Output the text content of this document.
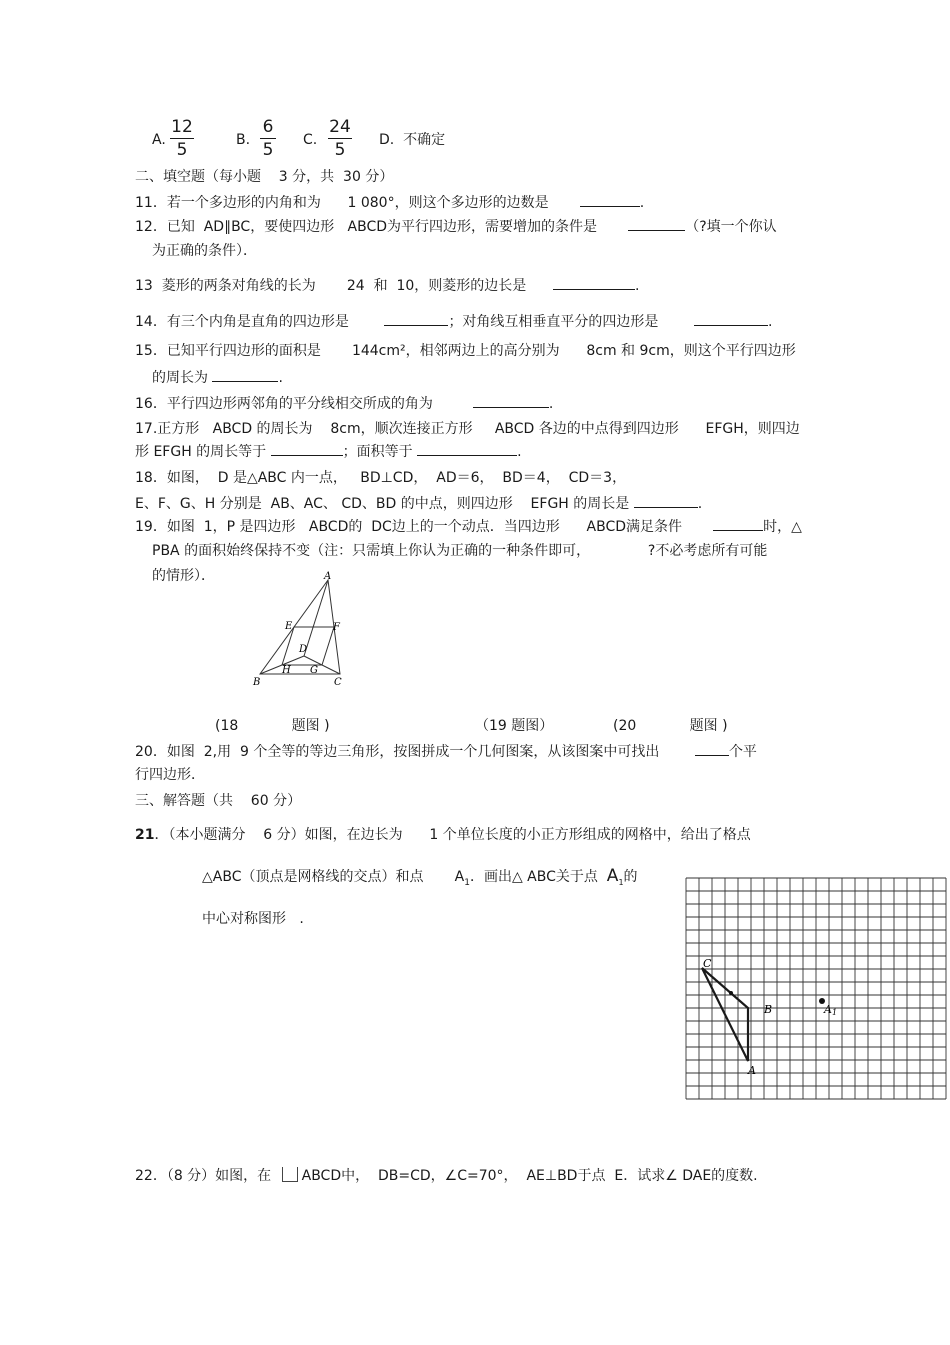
A.
12
5	B.
6
5 C.
24
5	D. 不确定
二、填空题（每小题    3 分，共  30 分）
11．若一个多边形的内角和为      1 080°，则这个多边形的边数是	.
12．已知  AD∥BC，要使四边形   ABCD为平行四边形，需要增加的条件是	（?填一个你认
为正确的条件）．
13  菱形的两条对角线的长为       24  和  10，则菱形的边长是	.
14．有三个内角是直角的四边形是	；对角线互相垂直平分的四边形是	.
15．已知平行四边形的面积是       144cm²，相邻两边上的高分别为      8cm 和 9cm，则这个平行四边形
的周长为	.
16．平行四边形两邻角的平分线相交所成的角为	.
17.正方形   ABCD 的周长为    8cm，顺次连接正方形     ABCD 各边的中点得到四边形      EFGH，则四边
形 EFGH 的周长等于	；面积等于	.
18．如图，  D 是△ABC 内一点，   BD⊥CD，  AD＝6，  BD＝4，  CD＝3，
E、F、G、H 分别是  AB、AC、 CD、BD 的中点，则四边形    EFGH 的周长是	.
19．如图  1，P 是四边形   ABCD的  DC边上的一个动点．当四边形      ABCD满足条件	时，△
PBA 的面积始终保持不变（注：只需填上你认为正确的一种条件即可，             ?不必考虑所有可能
的情形）．	A
B	C
D
E	F
G
H
(18            题图 )	（19 题图）	(20            题图 )
20．如图  2,用  9 个全等的等边三角形，按图拼成一个几何图案，从该图案中可找出	个平
行四边形．
三、解答题（共    60 分）
21．（本小题满分    6 分）如图，在边长为      1 个单位长度的小正方形组成的网格中，给出了格点
△ABC（顶点是网格线的交点）和点       $A_1$．画出△ ABC关于点 $A_1$的
中心对称图形   .
C
B
A
A1
22．（8 分）如图，在 ABCD中，  DB=CD，∠C=70°，  AE⊥BD于点  E．试求∠ DAE的度数.
